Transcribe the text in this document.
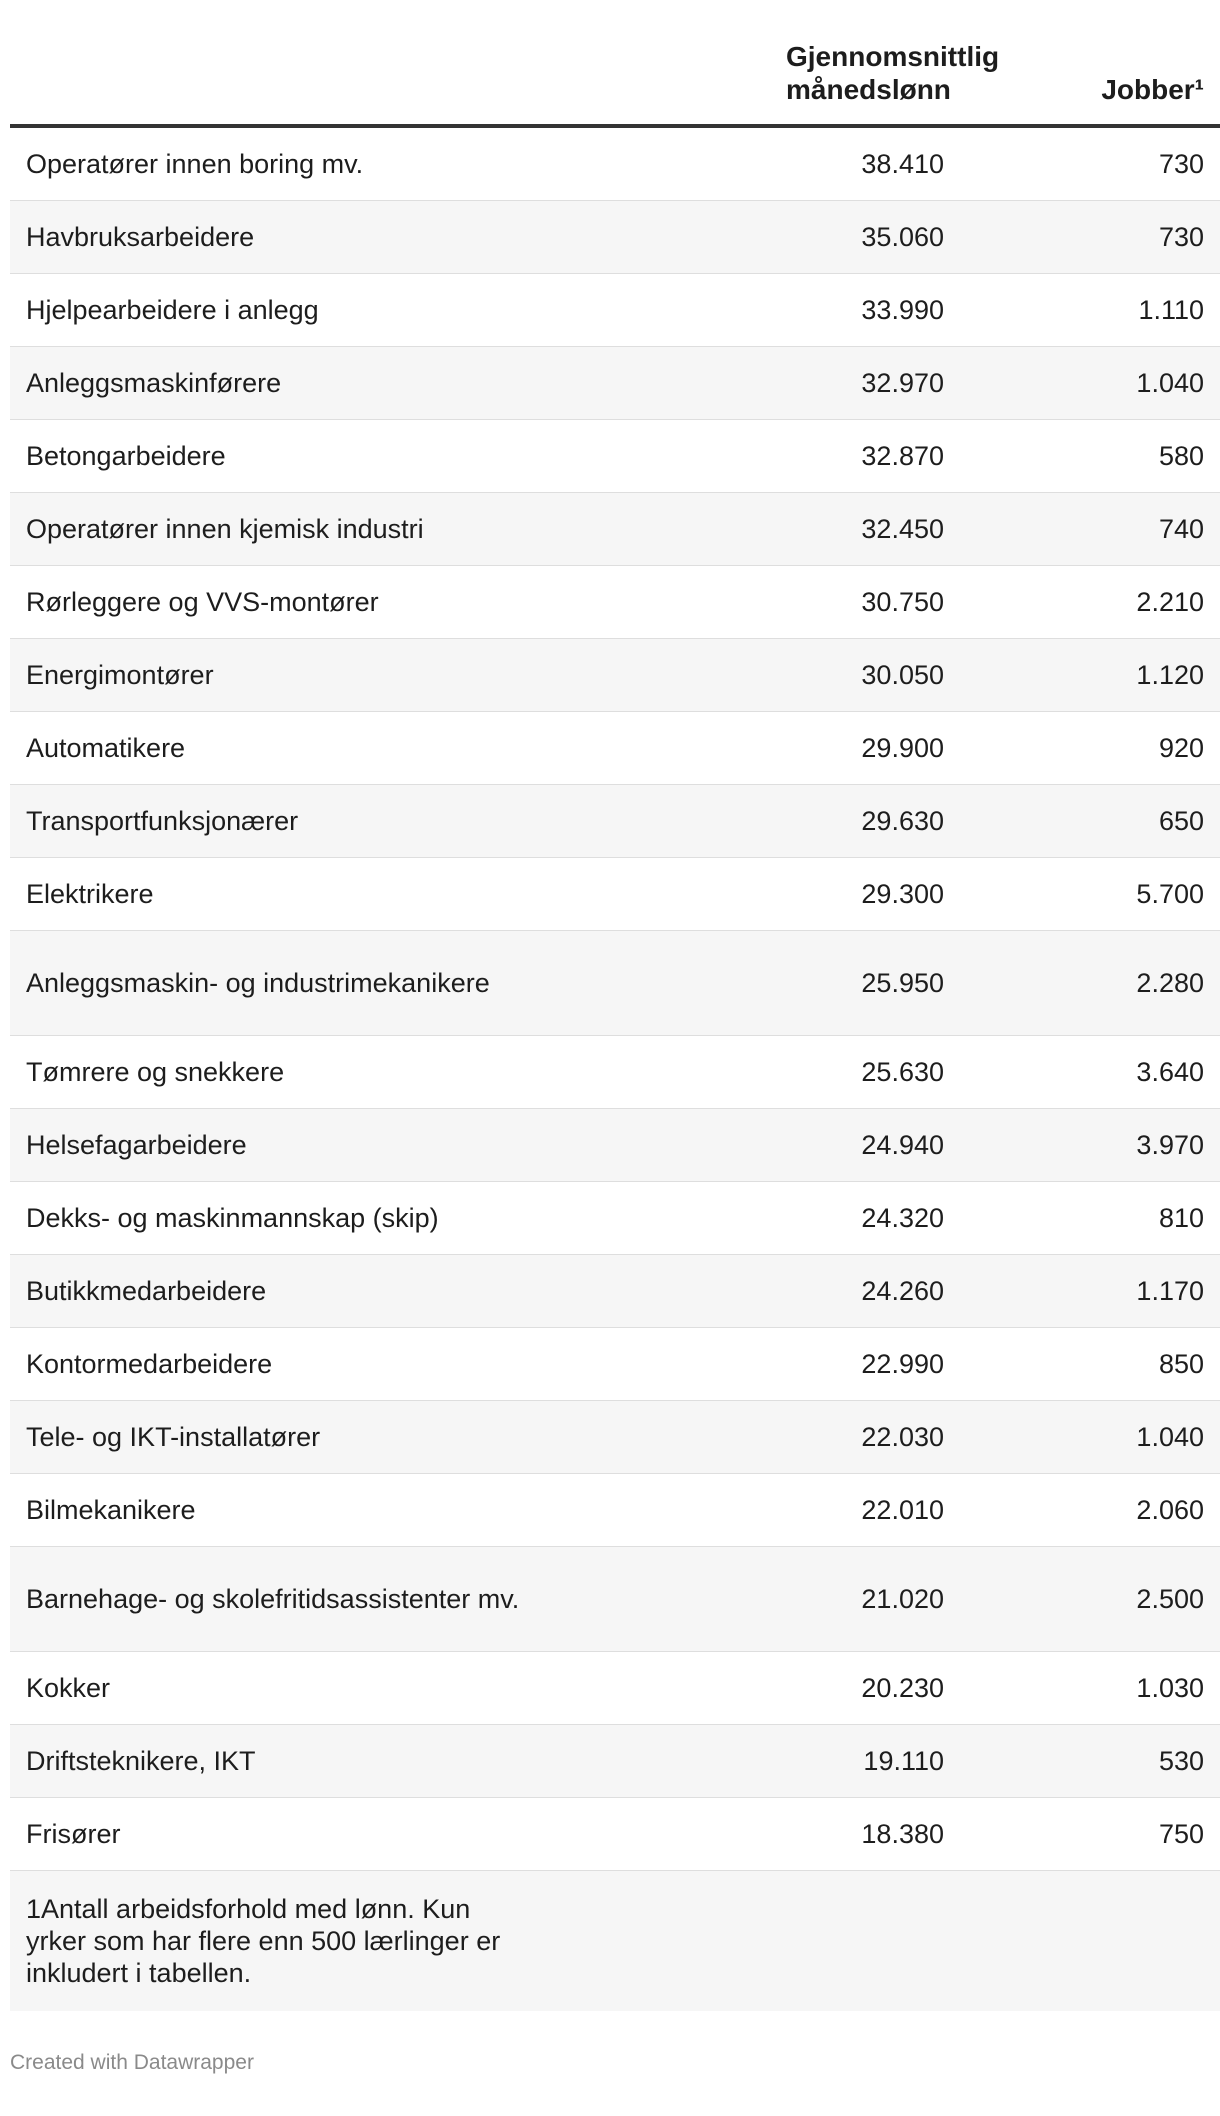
	Gjennomsnittlig månedslønn	Jobber¹
Operatører innen boring mv.	38.410	730
Havbruksarbeidere	35.060	730
Hjelpearbeidere i anlegg	33.990	1.110
Anleggsmaskinførere	32.970	1.040
Betongarbeidere	32.870	580
Operatører innen kjemisk industri	32.450	740
Rørleggere og VVS-montører	30.750	2.210
Energimontører	30.050	1.120
Automatikere	29.900	920
Transportfunksjonærer	29.630	650
Elektrikere	29.300	5.700
Anleggsmaskin- og industrimekanikere	25.950	2.280
Tømrere og snekkere	25.630	3.640
Helsefagarbeidere	24.940	3.970
Dekks- og maskinmannskap (skip)	24.320	810
Butikkmedarbeidere	24.260	1.170
Kontormedarbeidere	22.990	850
Tele- og IKT-installatører	22.030	1.040
Bilmekanikere	22.010	2.060
Barnehage- og skolefritidsassistenter mv.	21.020	2.500
Kokker	20.230	1.030
Driftsteknikere, IKT	19.110	530
Frisører	18.380	750
1Antall arbeidsforhold med lønn. Kun yrker som har flere enn 500 lærlinger er inkludert i tabellen.
Created with Datawrapper
